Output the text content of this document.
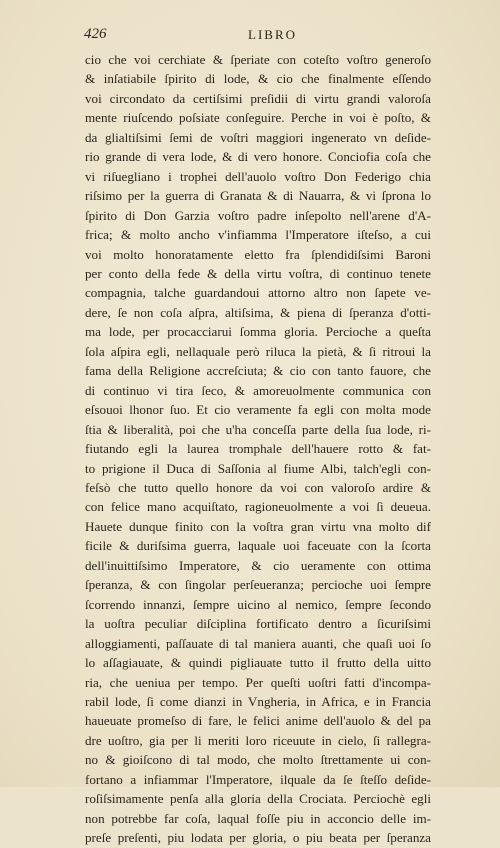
426	LIBRO
cio che voi cerchiate & ſperiate con coteſto voſtro generoſo
& inſatiabile ſpirito di lode, & cio che finalmente eſſendo
voi circondato da certiſsimi preſidii di virtu grandi valoroſa
mente riuſcendo poſsiate conſeguire. Perche in voi è poſto, &
da glialtiſsimi ſemi de voſtri maggiori ingenerato vn deſide-
rio grande di vera lode, & di vero honore. Conciofia coſa che
vi riſuegliano i trophei dell'auolo voſtro Don Federigo chia
riſsimo per la guerra di Granata & di Nauarra, & vi ſprona lo
ſpirito di Don Garzia voſtro padre inſepolto nell'arene d'A-
frica; & molto ancho v'infiamma l'Imperatore iſteſso, a cui
voi molto honoratamente eletto fra ſplendidiſsimi Baroni
per conto della fede & della virtu voſtra, di continuo tenete
compagnia, talche guardandoui attorno altro non ſapete ve-
dere, ſe non coſa aſpra, altiſsima, & piena di ſperanza d'otti-
ma lode, per procacciarui ſomma gloria. Percioche a queſta
ſola aſpira egli, nellaquale però riluca la pietà, & ſi ritroui la
fama della Religione accreſciuta; & cio con tanto fauore, che
di continuo vi tira ſeco, & amoreuolmente communica con
eſsouoi lhonor ſuo. Et cio veramente fa egli con molta mode
ſtia & liberalità, poi che u'ha conceſſa parte della ſua lode, ri-
fiutando egli la laurea tromphale dell'hauere rotto & fat-
to prigione il Duca di Saſſonia al fiume Albi, talch'egli con-
feſsò che tutto quello honore da voi con valoroſo ardire &
con felice mano acquiſtato, ragioneuolmente a voi ſi deueua.
Hauete dunque finito con la voſtra gran virtu vna molto dif
ficile & duriſsima guerra, laquale uoi faceuate con la ſcorta
dell'inuittiſsimo Imperatore, & cio ueramente con ottima
ſperanza, & con ſingolar perſeueranza; percioche uoi ſempre
ſcorrendo innanzi, ſempre uicino al nemico, ſempre ſecondo
la uoſtra peculiar diſciplina fortificato dentro a ſicuriſsimi
alloggiamenti, paſſauate di tal maniera auanti, che quaſi uoi ſo
lo aſſagiauate, & quindi pigliauate tutto il frutto della uitto
ria, che ueniua per tempo. Per queſti uoſtri fatti d'incompa-
rabil lode, ſi come dianzi in Vngheria, in Africa, e in Francia
haueuate promeſso di fare, le felici anime dell'auolo & del pa
dre uoſtro, gia per li meriti loro riceuute in cielo, ſi rallegra-
no & gioiſcono di tal modo, che molto ſtrettamente ui con-
fortano a infiammar l'Imperatore, ilquale da ſe ſteſſo deſide-
roſiſsimamente penſa alla gloria della Crociata. Perciochè egli
non potrebbe far coſa, laqual foſſe piu in acconcio delle im-
preſe preſenti, piu lodata per gloria, o piu beata per ſperanza
